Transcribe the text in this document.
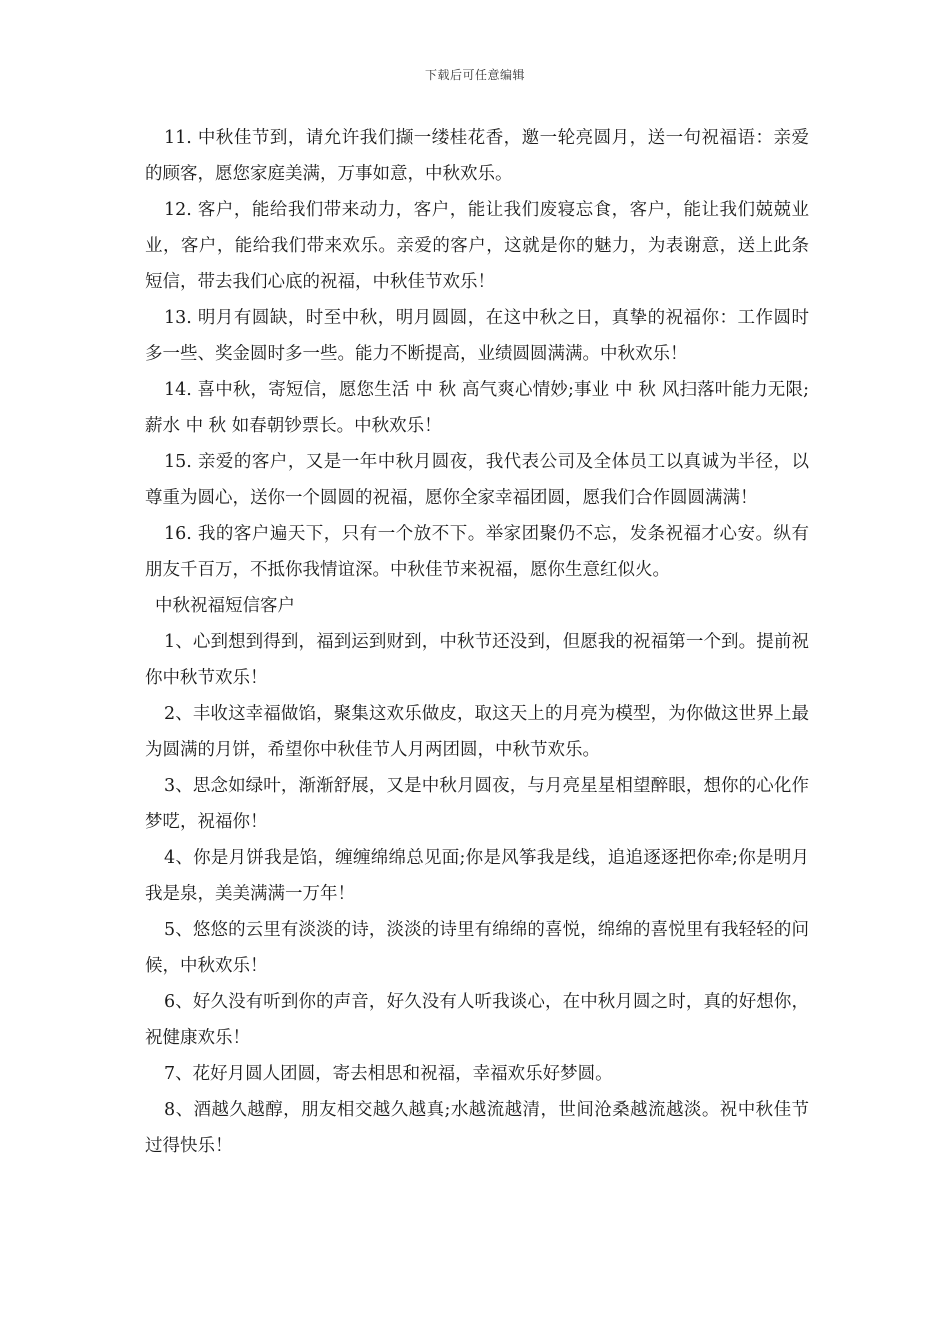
下载后可任意编辑

11. 中秋佳节到，请允许我们撷一缕桂花香，邀一轮亮圆月，送一句祝福语：亲爱的顾客，愿您家庭美满，万事如意，中秋欢乐。

12. 客户，能给我们带来动力，客户，能让我们废寝忘食，客户，能让我们兢兢业业，客户，能给我们带来欢乐。亲爱的客户，这就是你的魅力，为表谢意，送上此条短信，带去我们心底的祝福，中秋佳节欢乐！

13. 明月有圆缺，时至中秋，明月圆圆，在这中秋之日，真挚的祝福你：工作圆时多一些、奖金圆时多一些。能力不断提高，业绩圆圆满满。中秋欢乐！

14. 喜中秋，寄短信，愿您生活 中 秋 高气爽心情妙;事业 中 秋 风扫落叶能力无限;薪水 中 秋 如春朝钞票长。中秋欢乐！

15. 亲爱的客户，又是一年中秋月圆夜，我代表公司及全体员工以真诚为半径，以尊重为圆心，送你一个圆圆的祝福，愿你全家幸福团圆，愿我们合作圆圆满满！

16. 我的客户遍天下，只有一个放不下。举家团聚仍不忘，发条祝福才心安。纵有朋友千百万，不抵你我情谊深。中秋佳节来祝福，愿你生意红似火。

中秋祝福短信客户

1、心到想到得到，福到运到财到，中秋节还没到，但愿我的祝福第一个到。提前祝你中秋节欢乐！

2、丰收这幸福做馅，聚集这欢乐做皮，取这天上的月亮为模型，为你做这世界上最为圆满的月饼，希望你中秋佳节人月两团圆，中秋节欢乐。

3、思念如绿叶，渐渐舒展，又是中秋月圆夜，与月亮星星相望醉眼，想你的心化作梦呓，祝福你！

4、你是月饼我是馅，缠缠绵绵总见面;你是风筝我是线，追追逐逐把你牵;你是明月我是泉，美美满满一万年！

5、悠悠的云里有淡淡的诗，淡淡的诗里有绵绵的喜悦，绵绵的喜悦里有我轻轻的问候，中秋欢乐！

6、好久没有听到你的声音，好久没有人听我谈心，在中秋月圆之时，真的好想你，祝健康欢乐！

7、花好月圆人团圆，寄去相思和祝福，幸福欢乐好梦圆。

8、酒越久越醇，朋友相交越久越真;水越流越清，世间沧桑越流越淡。祝中秋佳节过得快乐！
